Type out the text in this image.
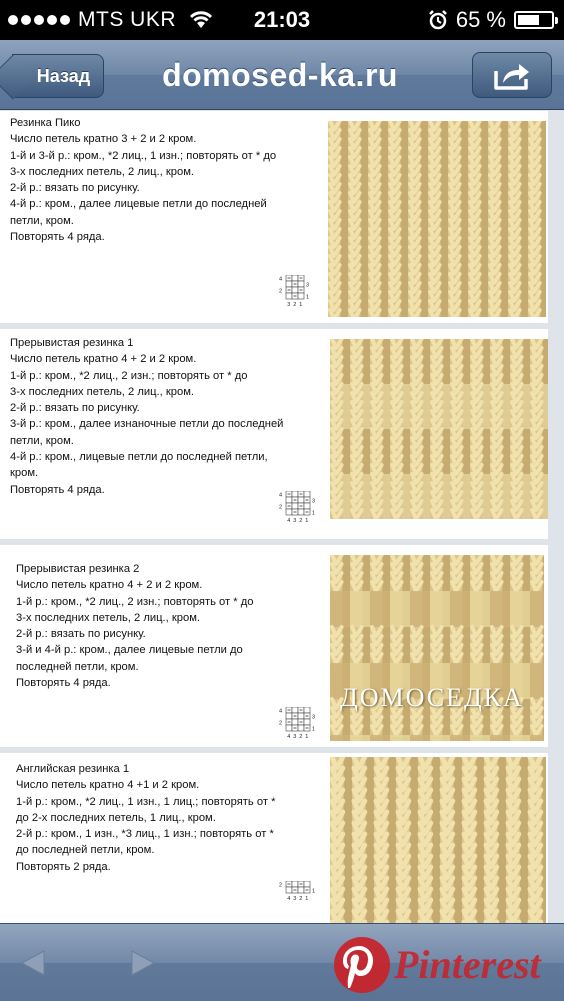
MTS UKR	21:03	65 %
Назад	domosed-ka.ru
Резинка Пико
Число петель кратно 3 + 2 и 2 кром.
1-й и 3-й р.: кром., *2 лиц., 1 изн.; повторять от * до
3-х последних петель, 2 лиц., кром.
2-й р.: вязать по рисунку.
4-й р.: кром., далее лицевые петли до последней
петли, кром.
Повторять 4 ряда.
4
3
2
1
3 2 1
Прерывистая резинка 1
Число петель кратно 4 + 2 и 2 кром.
1-й р.: кром., *2 лиц., 2 изн.; повторять от * до
3-х последних петель, 2 лиц., кром.
2-й р.: вязать по рисунку.
3-й р.: кром., далее изнаночные петли до последней
петли, кром.
4-й р.: кром., лицевые петли до последней петли,
кром.
Повторять 4 ряда.	4
3
2
1
4 3 2 1
Прерывистая резинка 2
Число петель кратно 4 + 2 и 2 кром.
1-й р.: кром., *2 лиц., 2 изн.; повторять от * до
3-х последних петель, 2 лиц., кром.
2-й р.: вязать по рисунку.
3-й и 4-й р.: кром., далее лицевые петли до
последней петли, кром.
Повторять 4 ряда.
4
3
2
1
4 3 2 1
ДОМОСЕДКА
Английская резинка 1
Число петель кратно 4 +1 и 2 кром.
1-й р.: кром., *2 лиц., 1 изн., 1 лиц.; повторять от *
до 2-х последних петель, 1 лиц., кром.
2-й р.: кром., 1 изн., *3 лиц., 1 изн.; повторять от *
до последней петли, кром.
Повторять 2 ряда.
2
1
4 3 2 1
Pinterest
